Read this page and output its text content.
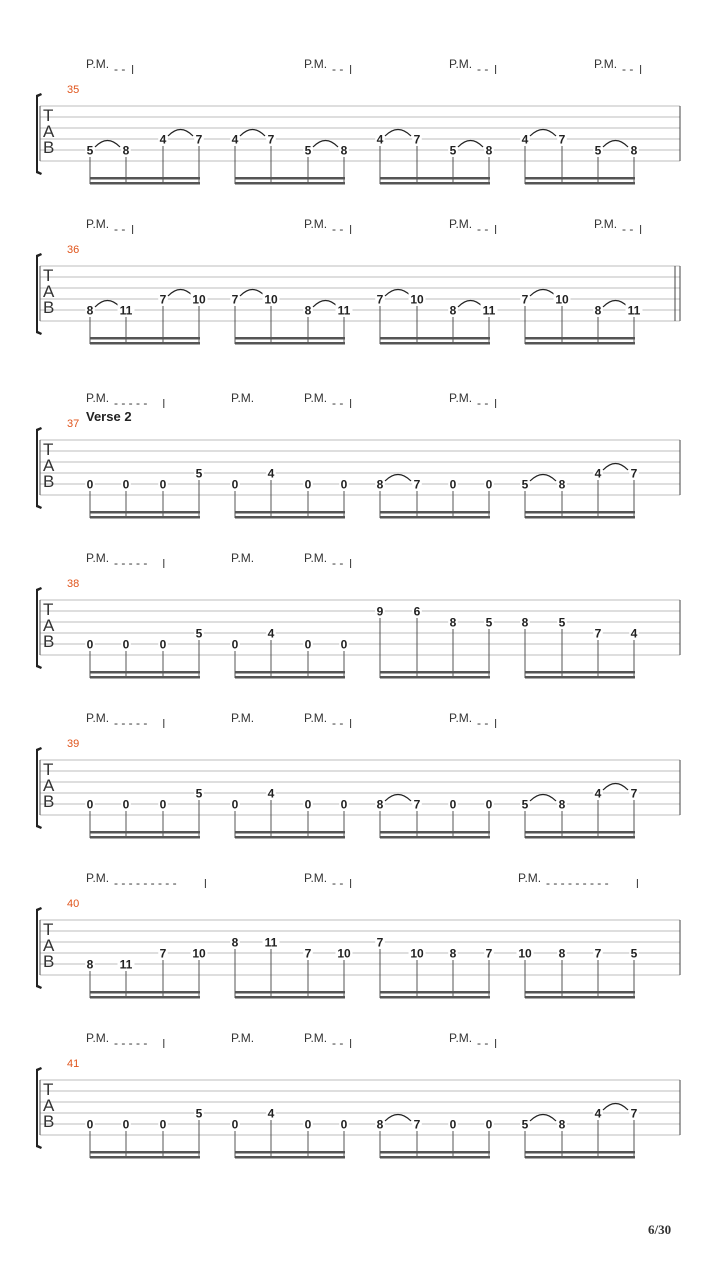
P.M. - -	P.M. - -	P.M. - -	P.M. - -
35
T
A
B	5 8
4 7 4 7
5 8
4	7
5 8
4	7
5 8
P.M. - -	P.M. - -	P.M. - -	P.M. - -
36
T
A
B	8 11
7 10 7 10
8 11
7 10
8 11
7 10
8 11
Verse 2
P.M. - - - - -	P.M.	P.M. - -	P.M. - -
37
T
A
B	0 0	0
5
0
4
0 0 8	7 0 0 5	8
4 7
P.M. - - - - -	P.M.	P.M. - -
38
T
A
B	0 0	0
5
0
4
0 0
9	6
8 5 8	5
7 4
P.M. - - - - -	P.M.	P.M. - -	P.M. - -
39
T
A
B	0 0	0
5
0
4
0 0 8	7 0 0 5	8
4 7
P.M. - - - - - - - - -	P.M. - -	P.M. - - - - - - - - -
40
T
A
B	8 11
7 10
8 11
7 10
7
10 8 7 10 8 7 5
P.M. - - - - -	P.M.	P.M. - -	P.M. - -
41
T
A
B	0 0	0
5
0
4
0 0 8	7 0 0 5	8
4 7
6/30
